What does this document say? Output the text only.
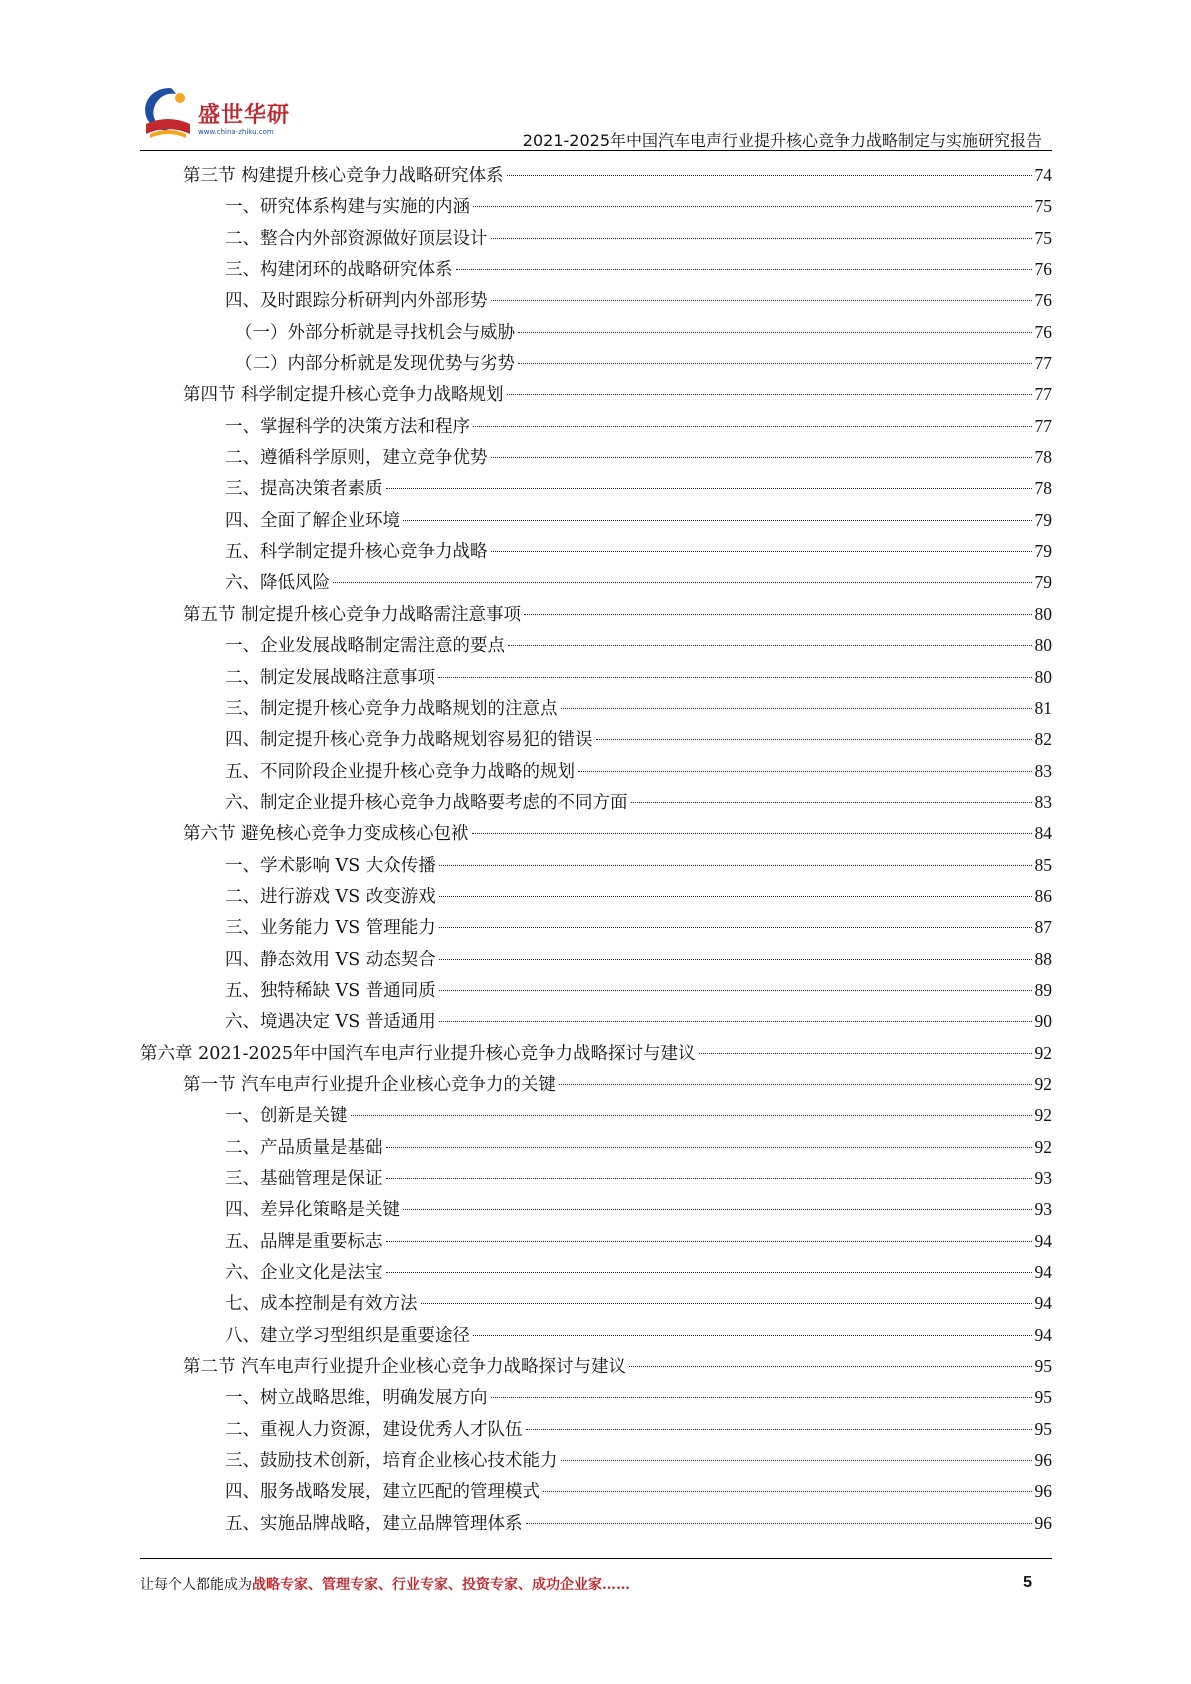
盛世华研
www.china-zhiku.com	2021-2025年中国汽车电声行业提升核心竞争力战略制定与实施研究报告
第三节 构建提升核心竞争力战略研究体系	74
一、研究体系构建与实施的内涵	75
二、整合内外部资源做好顶层设计	75
三、构建闭环的战略研究体系	76
四、及时跟踪分析研判内外部形势	76
（一）外部分析就是寻找机会与威胁	76
（二）内部分析就是发现优势与劣势	77
第四节 科学制定提升核心竞争力战略规划	77
一、掌握科学的决策方法和程序	77
二、遵循科学原则，建立竞争优势	78
三、提高决策者素质	78
四、全面了解企业环境	79
五、科学制定提升核心竞争力战略	79
六、降低风险	79
第五节 制定提升核心竞争力战略需注意事项	80
一、企业发展战略制定需注意的要点	80
二、制定发展战略注意事项	80
三、制定提升核心竞争力战略规划的注意点	81
四、制定提升核心竞争力战略规划容易犯的错误	82
五、不同阶段企业提升核心竞争力战略的规划	83
六、制定企业提升核心竞争力战略要考虑的不同方面	83
第六节 避免核心竞争力变成核心包袱	84
一、学术影响 VS 大众传播	85
二、进行游戏 VS 改变游戏	86
三、业务能力 VS 管理能力	87
四、静态效用 VS 动态契合	88
五、独特稀缺 VS 普通同质	89
六、境遇决定 VS 普适通用	90
第六章 2021-2025年中国汽车电声行业提升核心竞争力战略探讨与建议	92
第一节 汽车电声行业提升企业核心竞争力的关键	92
一、创新是关键	92
二、产品质量是基础	92
三、基础管理是保证	93
四、差异化策略是关键	93
五、品牌是重要标志	94
六、企业文化是法宝	94
七、成本控制是有效方法	94
八、建立学习型组织是重要途径	94
第二节 汽车电声行业提升企业核心竞争力战略探讨与建议	95
一、树立战略思维，明确发展方向	95
二、重视人力资源，建设优秀人才队伍	95
三、鼓励技术创新，培育企业核心技术能力	96
四、服务战略发展，建立匹配的管理模式	96
五、实施品牌战略，建立品牌管理体系	96
让每个人都能成为战略专家、管理专家、行业专家、投资专家、成功企业家……	5
